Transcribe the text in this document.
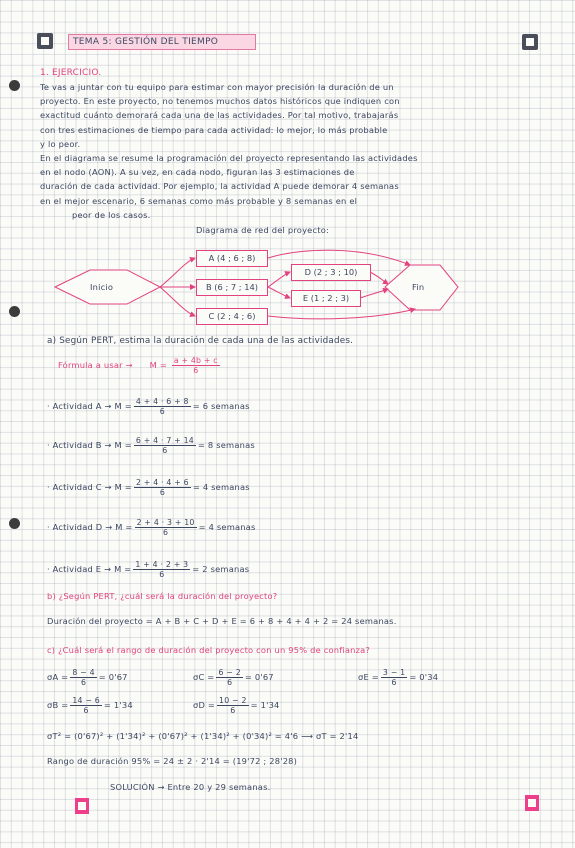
TEMA 5: GESTIÓN DEL TIEMPO
1. EJERCICIO.
Te vas a juntar con tu equipo para estimar con mayor precisión la duración de un
proyecto. En este proyecto, no tenemos muchos datos históricos que indiquen con
exactitud cuánto demorará cada una de las actividades. Por tal motivo, trabajarás
con tres estimaciones de tiempo para cada actividad: lo mejor, lo más probable
y lo peor.
En el diagrama se resume la programación del proyecto representando las actividades
en el nodo (AON). A su vez, en cada nodo, figuran las 3 estimaciones de
duración de cada actividad. Por ejemplo, la actividad A puede demorar 4 semanas
en el mejor escenario, 6 semanas como más probable y 8 semanas en el
peor de los casos.
Diagrama de red del proyecto:
Inicio	Fin
A (4 ; 6 ; 8)
B (6 ; 7 ; 14)
C (2 ; 4 ; 6)
D (2 ; 3 ; 10)
E (1 ; 2 ; 3)
a) Según PERT, estima la duración de cada una de las actividades.
Fórmula a usar → $M = \frac{a + 4b + c}{6}$
· Actividad $A \to M = \frac{4 + 4 \cdot 6 + 8}{6} = 6$ semanas
· Actividad $B \to M = \frac{6 + 4 \cdot 7 + 14}{6} = 8$ semanas
· Actividad $C \to M = \frac{2 + 4 \cdot 4 + 6}{6} = 4$ semanas
· Actividad $D \to M = \frac{2 + 4 \cdot 3 + 10}{6} = 4$ semanas
· Actividad $E \to M = \frac{1 + 4 \cdot 2 + 3}{6} = 2$ semanas
b) ¿Según PERT, ¿cuál será la duración del proyecto?
Duración del proyecto = A + B + C + D + E = 6 + 8 + 4 + 4 + 2 = 24 semanas.
c) ¿Cuál será el rango de duración del proyecto con un 95% de confianza?
$\sigma A = \frac{8 - 4}{6} = 0'67$	$\sigma C = \frac{6 - 2}{6} = 0'67$	$\sigma E = \frac{3 - 1}{6} = 0'34$
$\sigma B = \frac{14 - 6}{6} = 1'34$	$\sigma D = \frac{10 - 2}{6} = 1'34$
σT² = (0'67)² + (1'34)² + (0'67)² + (1'34)² + (0'34)² = 4'6 ⟶ σT = 2'14
Rango de duración 95% = 24 ± 2 · 2'14 = (19'72 ; 28'28)
SOLUCIÓN → Entre 20 y 29 semanas.
